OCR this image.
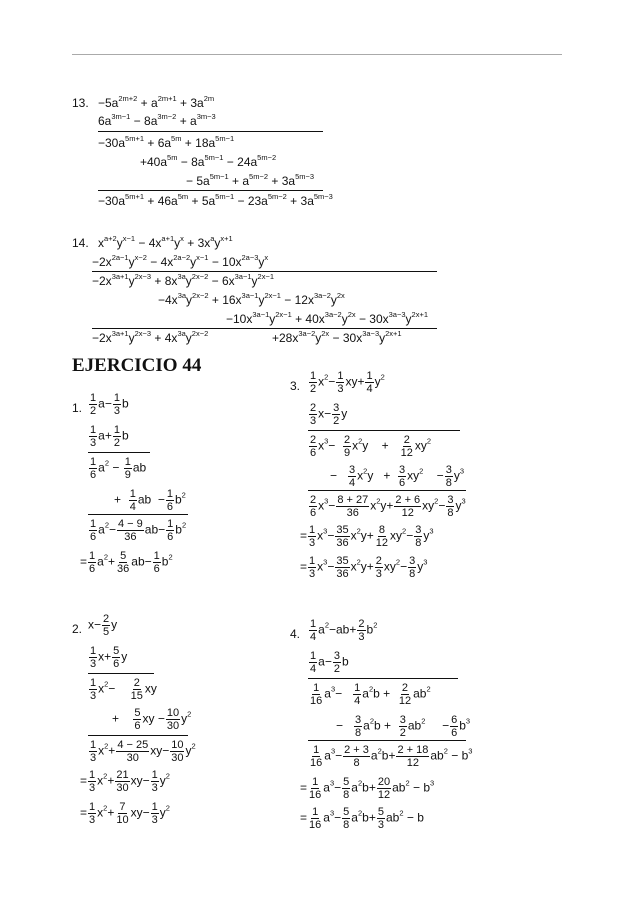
13. $-5a^{2m+2} + a^{2m+1} + 3a^{2m}$
$6a^{3m-1} - 8a^{3m-2} + a^{3m-3}$
$-30a^{5m+1} + 6a^{5m} + 18a^{5m-1}$
$+40a^{5m} - 8a^{5m-1} - 24a^{5m-2}$
− $5a^{5m-1} + a^{5m-2} + 3a^{5m-3}$
$-30a^{5m+1} + 46a^{5m} + 5a^{5m-1} - 23a^{5m-2} + 3a^{5m-3}$
14. $x^{a+2}y^{x-1} - 4x^{a+1}y^x + 3x^ay^{x+1}$
$-2x^{2a-1}y^{x-2} - 4x^{2a-2}y^{x-1} - 10x^{2a-3}y^x$
$-2x^{3a+1}y^{2x-3} + 8x^{3a}y^{2x-2} - 6x^{3a-1}y^{2x-1}$
$-4x^{3a}y^{2x-2} + 16x^{3a-1}y^{2x-1} - 12x^{3a-2}y^{2x}$
$-10x^{3a-1}y^{2x-1} + 40x^{3a-2}y^{2x} - 30x^{3a-3}y^{2x+1}$
$-2x^{3a+1}y^{2x-3} + 4x^{3a}y^{2x-2}$	$+28x^{3a-2}y^{2x} - 30x^{3a-3}y^{2x+1}$
EJERCICIO 44
1. $\frac{1}{2} a- \frac{1}{3}$ b
$\frac{1}{3} a+ \frac{1}{2}$ b
$\frac{1}{6} a^2 - \frac{1}{9}$ ab
+ $\frac{1}{4}$ ab − $\frac{1}{6} b^2$
$\frac{1}{6} a^2- \frac{4 - 9}{36} ab- \frac{1}{6} b^2$
= $\frac{1}{6} a^2+ \frac{5}{36} ab- \frac{1}{6} b^2$
2. $x- \frac{2}{5}$ y
$\frac{1}{3} x+ \frac{5}{6}$ y
$\frac{1}{3} x^2- \frac{2}{15}$ xy
+ $\frac{5}{6}$ xy − $\frac{10}{30} y^2$
$\frac{1}{3} x^2+ \frac{4 - 25}{30} xy- \frac{10}{30} y^2$
= $\frac{1}{3} x^2+ \frac{21}{30} xy- \frac{1}{3} y^2$
= $\frac{1}{3} x^2+ \frac{7}{10} xy- \frac{1}{3} y^2$
3. $\frac{1}{2} x^2- \frac{1}{3} xy+ \frac{1}{4} y^2$
$\frac{2}{3} x- \frac{3}{2}$ y
$\frac{2}{6} x^3- \frac{2}{9} x^2y + \frac{2}{12} xy^2$
− $\frac{3}{4} x^2y + \frac{3}{6} xy^2 - \frac{3}{8} y^3$
$\frac{2}{6} x^3- \frac{8 + 27}{36} x^2y+ \frac{2 + 6}{12} xy^2- \frac{3}{8} y^3$
= $\frac{1}{3} x^3- \frac{35}{36} x^2y+ \frac{8}{12} xy^2- \frac{3}{8} y^3$
= $\frac{1}{3} x^3- \frac{35}{36} x^2y+ \frac{2}{3} xy^2- \frac{3}{8} y^3$
4. $\frac{1}{4} a^2-ab+ \frac{2}{3} b^2$
$\frac{1}{4} a- \frac{3}{2}$ b
$\frac{1}{16} a^3- \frac{1}{4} a^2b + \frac{2}{12} ab^2$
− $\frac{3}{8} a^2b + \frac{3}{2} ab^2 - \frac{6}{6} b^3$
$\frac{1}{16} a^3- \frac{2 + 3}{8} a^2b+ \frac{2 + 18}{12} ab^2 - b^3$
= $\frac{1}{16} a^3- \frac{5}{8} a^2b+ \frac{20}{12} ab^2 - b^3$
= $\frac{1}{16} a^3- \frac{5}{8} a^2b+ \frac{5}{3} ab^2 - b$
